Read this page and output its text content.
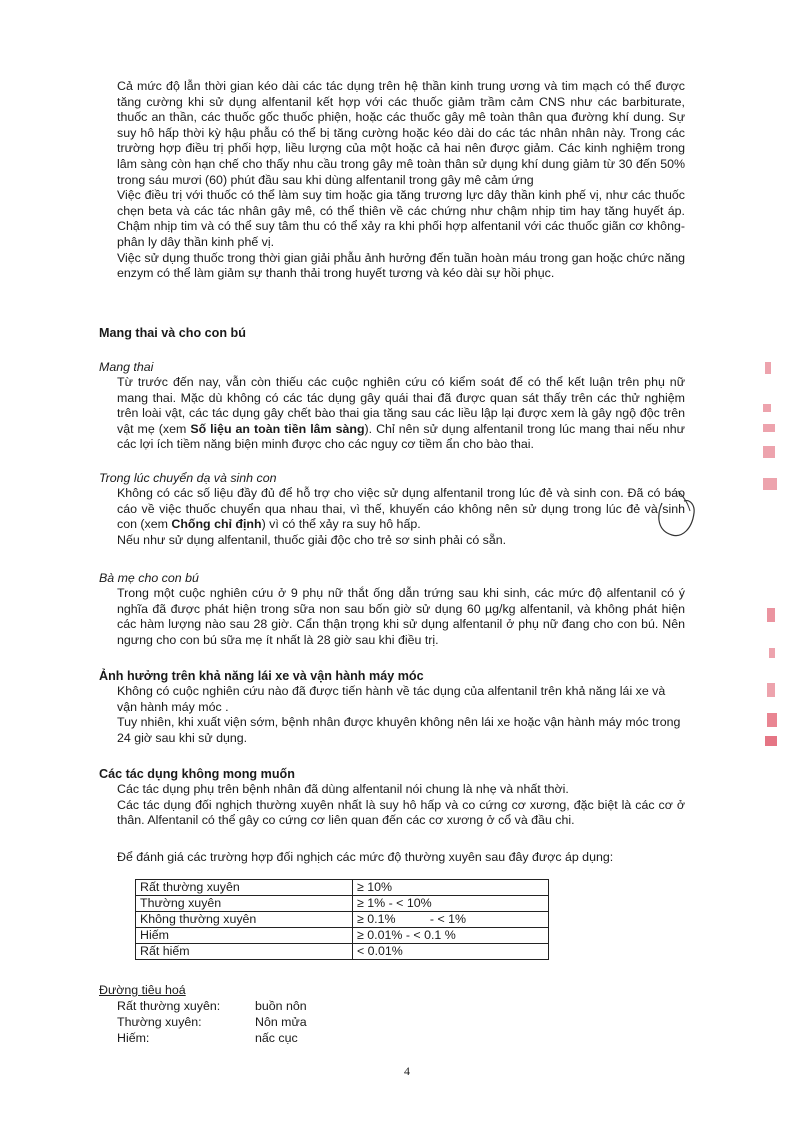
Cả mức độ lẫn thời gian kéo dài các tác dụng trên hệ thần kinh trung ương và tim mạch có thể được tăng cường khi sử dụng alfentanil kết hợp với các thuốc giảm trầm cảm CNS như các barbiturate, thuốc an thần, các thuốc gốc thuốc phiện, hoặc các thuốc gây mê toàn thân qua đường khí dung. Sự suy hô hấp thời kỳ hậu phẫu có thể bị tăng cường hoặc kéo dài do các tác nhân nhân này. Trong các trường hợp điều trị phối hợp, liều lượng của một hoặc cả hai nên được giảm. Các kinh nghiệm trong lâm sàng còn hạn chế cho thấy nhu cầu trong gây mê toàn thân sử dụng khí dung giảm từ 30 đến 50% trong sáu mươi (60) phút đầu sau khi dùng alfentanil trong gây mê cảm ứng

Việc điều trị với thuốc có thể làm suy tim hoặc gia tăng trương lực dây thần kinh phế vị, như các thuốc chẹn beta và các tác nhân gây mê, có thể thiên về các chứng như chậm nhịp tim hay tăng huyết áp. Chậm nhịp tim và có thể suy tâm thu có thể xảy ra khi phối hợp alfentanil với các thuốc giãn cơ không-phân ly dây thần kinh phế vị.

Việc sử dụng thuốc trong thời gian giải phẫu ảnh hưởng đến tuần hoàn máu trong gan hoặc chức năng enzym có thể làm giảm sự thanh thải trong huyết tương và kéo dài sự hồi phục.

Mang thai và cho con bú

Mang thai

Từ trước đến nay, vẫn còn thiếu các cuộc nghiên cứu có kiểm soát để có thể kết luận trên phụ nữ mang thai. Mặc dù không có các tác dụng gây quái thai đã được quan sát thấy trên các thử nghiệm trên loài vật, các tác dụng gây chết bào thai gia tăng sau các liều lập lại được xem là gây ngộ độc trên vật mẹ (xem Số liệu an toàn tiền lâm sàng). Chỉ nên sử dụng alfentanil trong lúc mang thai nếu như các lợi ích tiềm năng biện minh được cho các nguy cơ tiềm ẩn cho bào thai.

Trong lúc chuyển dạ và sinh con

Không có các số liệu đầy đủ để hỗ trợ cho việc sử dụng alfentanil trong lúc đẻ và sinh con. Đã có báo cáo về việc thuốc chuyển qua nhau thai, vì thế, khuyến cáo không nên sử dụng trong lúc đẻ và sinh con (xem Chống chỉ định) vì có thể xảy ra suy hô hấp.
Nếu như sử dụng alfentanil, thuốc giải độc cho trẻ sơ sinh phải có sẵn.

Bà mẹ cho con bú

Trong một cuộc nghiên cứu ở 9 phụ nữ thắt ống dẫn trứng sau khi sinh, các mức độ alfentanil có ý nghĩa đã được phát hiện trong sữa non sau bốn giờ sử dụng 60 µg/kg alfentanil, và không phát hiện các hàm lượng nào sau 28 giờ. Cẩn thận trọng khi sử dụng alfentanil ở phụ nữ đang cho con bú. Nên ngưng cho con bú sữa mẹ ít nhất là 28 giờ sau khi điều trị.

Ảnh hưởng trên khả năng lái xe và vận hành máy móc

Không có cuộc nghiên cứu nào đã được tiến hành về tác dụng của alfentanil trên khả năng lái xe và vận hành máy móc .

Tuy nhiên, khi xuất viện sớm, bệnh nhân được khuyên không nên lái xe hoặc vận hành máy móc trong 24 giờ sau khi sử dụng.

Các tác dụng không mong muốn

Các tác dụng phụ trên bệnh nhân đã dùng alfentanil nói chung là nhẹ và nhất thời.

Các tác dụng đối nghịch thường xuyên nhất là suy hô hấp và co cứng cơ xương, đặc biệt là các cơ ở thân. Alfentanil có thể gây co cứng cơ liên quan đến các cơ xương ở cổ và đầu chi.

Để đánh giá các trường hợp đối nghịch các mức độ thường xuyên sau đây được áp dụng:

Rất thường xuyên	≥ 10%
Thường xuyên	≥ 1% - < 10%
Không thường xuyên	≥ 0.1%          - < 1%
Hiếm	≥ 0.01% - < 0.1 %
Rất hiếm	< 0.01%

Đường tiêu hoá

Rất thường xuyên:	buồn nôn
Thường xuyên:	Nôn mửa
Hiếm:	nấc cục
4
